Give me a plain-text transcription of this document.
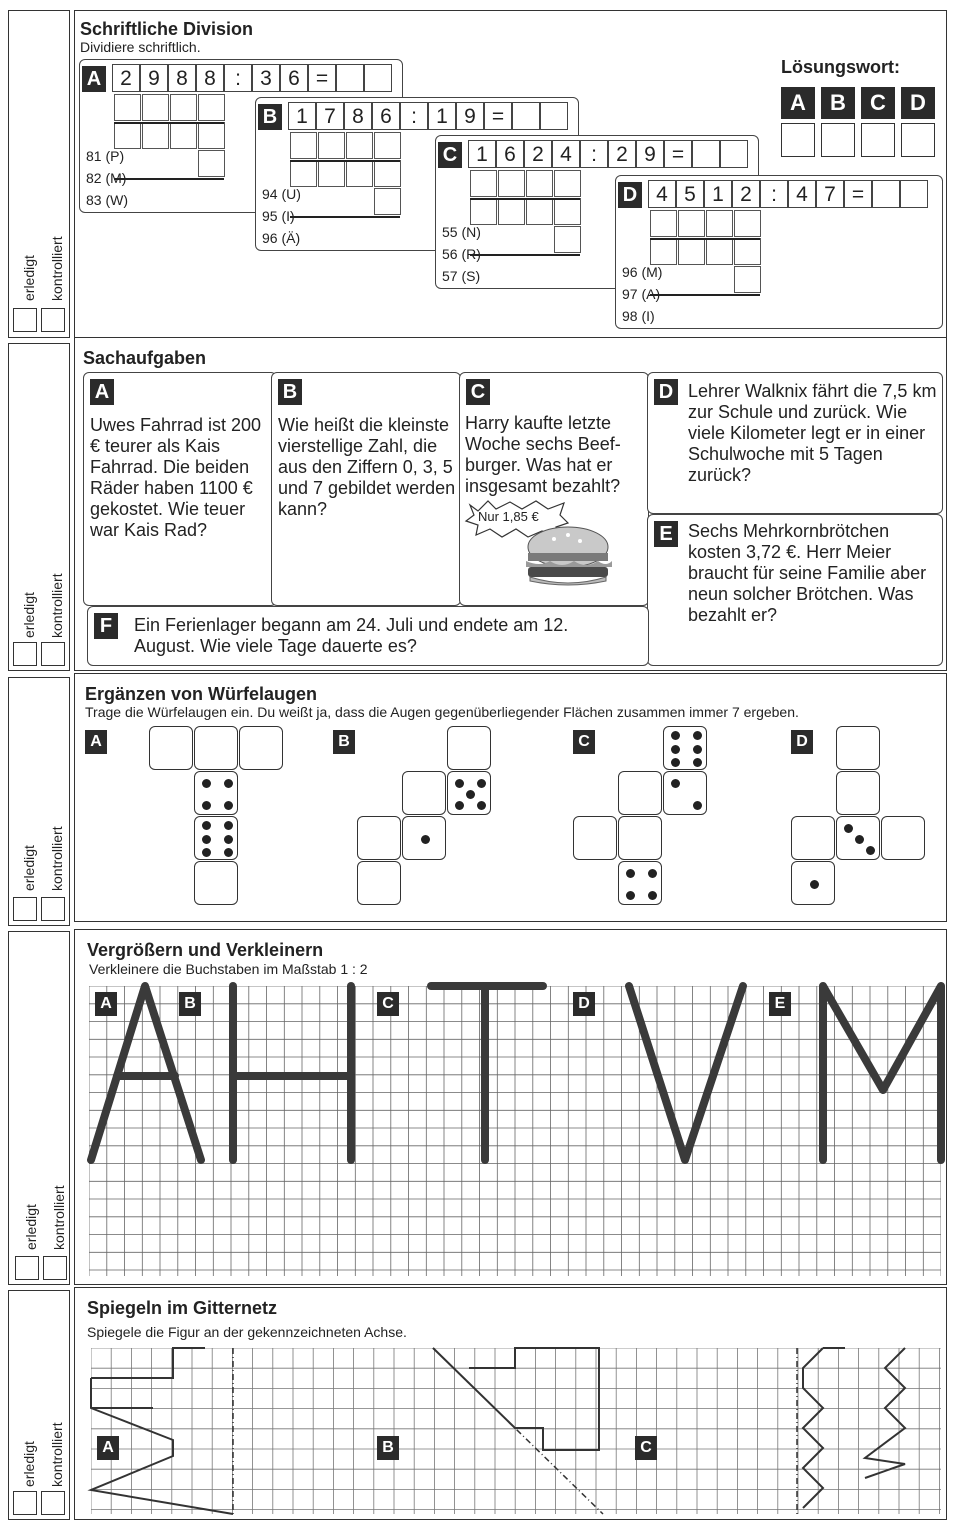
erledigt kontrolliert
erledigt kontrolliert
erledigt kontrolliert
erledigt kontrolliert
erledigt kontrolliert
Schriftliche Division
Dividiere schriftlich.
Lösungswort:
A	B	C	D
A 2 9 8 8 : 3 6 =
81 (P)
82 (M)
83 (W)
B 1 7 8 6 : 1 9 =
94 (U)
95 (I)
96 (Ä)
C 1 6 2 4 : 2 9 =
55 (N)
56 (R)
57 (S)
D 4 5 1 2 : 4 7 =
96 (M)
97 (A)
98 (I)
Sachaufgaben
A
Uwes Fahrrad ist 200 € teurer als Kais Fahrrad. Die beiden Räder haben 1100 € gekostet. Wie teuer war Kais Rad?
B
Wie heißt die kleinste vierstellige Zahl, die aus den Ziffern 0, 3, 5 und 7 gebildet werden kann?
C
Harry kaufte letzte Woche sechs Beef-burger. Was hat er insgesamt bezahlt?
Nur 1,85 €
D Lehrer Walknix fährt die 7,5 km zur Schule und zurück. Wie viele Kilometer legt er in einer Schulwoche mit 5 Tagen zurück?
E Sechs Mehrkornbrötchen kosten 3,72 €. Herr Meier braucht für seine Familie aber neun solcher Brötchen. Was bezahlt er?
F	Ein Ferienlager begann am 24. Juli und endete am 12. August. Wie viele Tage dauerte es?
Ergänzen von Würfelaugen
Trage die Würfelaugen ein. Du weißt ja, dass die Augen gegenüberliegender Flächen zusammen immer 7 ergeben.
A	B	C	D
Vergrößern und Verkleinern
Verkleinere die Buchstaben im Maßstab 1 : 2
A	B	C	D	E
Spiegeln im Gitternetz
Spiegele die Figur an der gekennzeichneten Achse.
A	B	C
